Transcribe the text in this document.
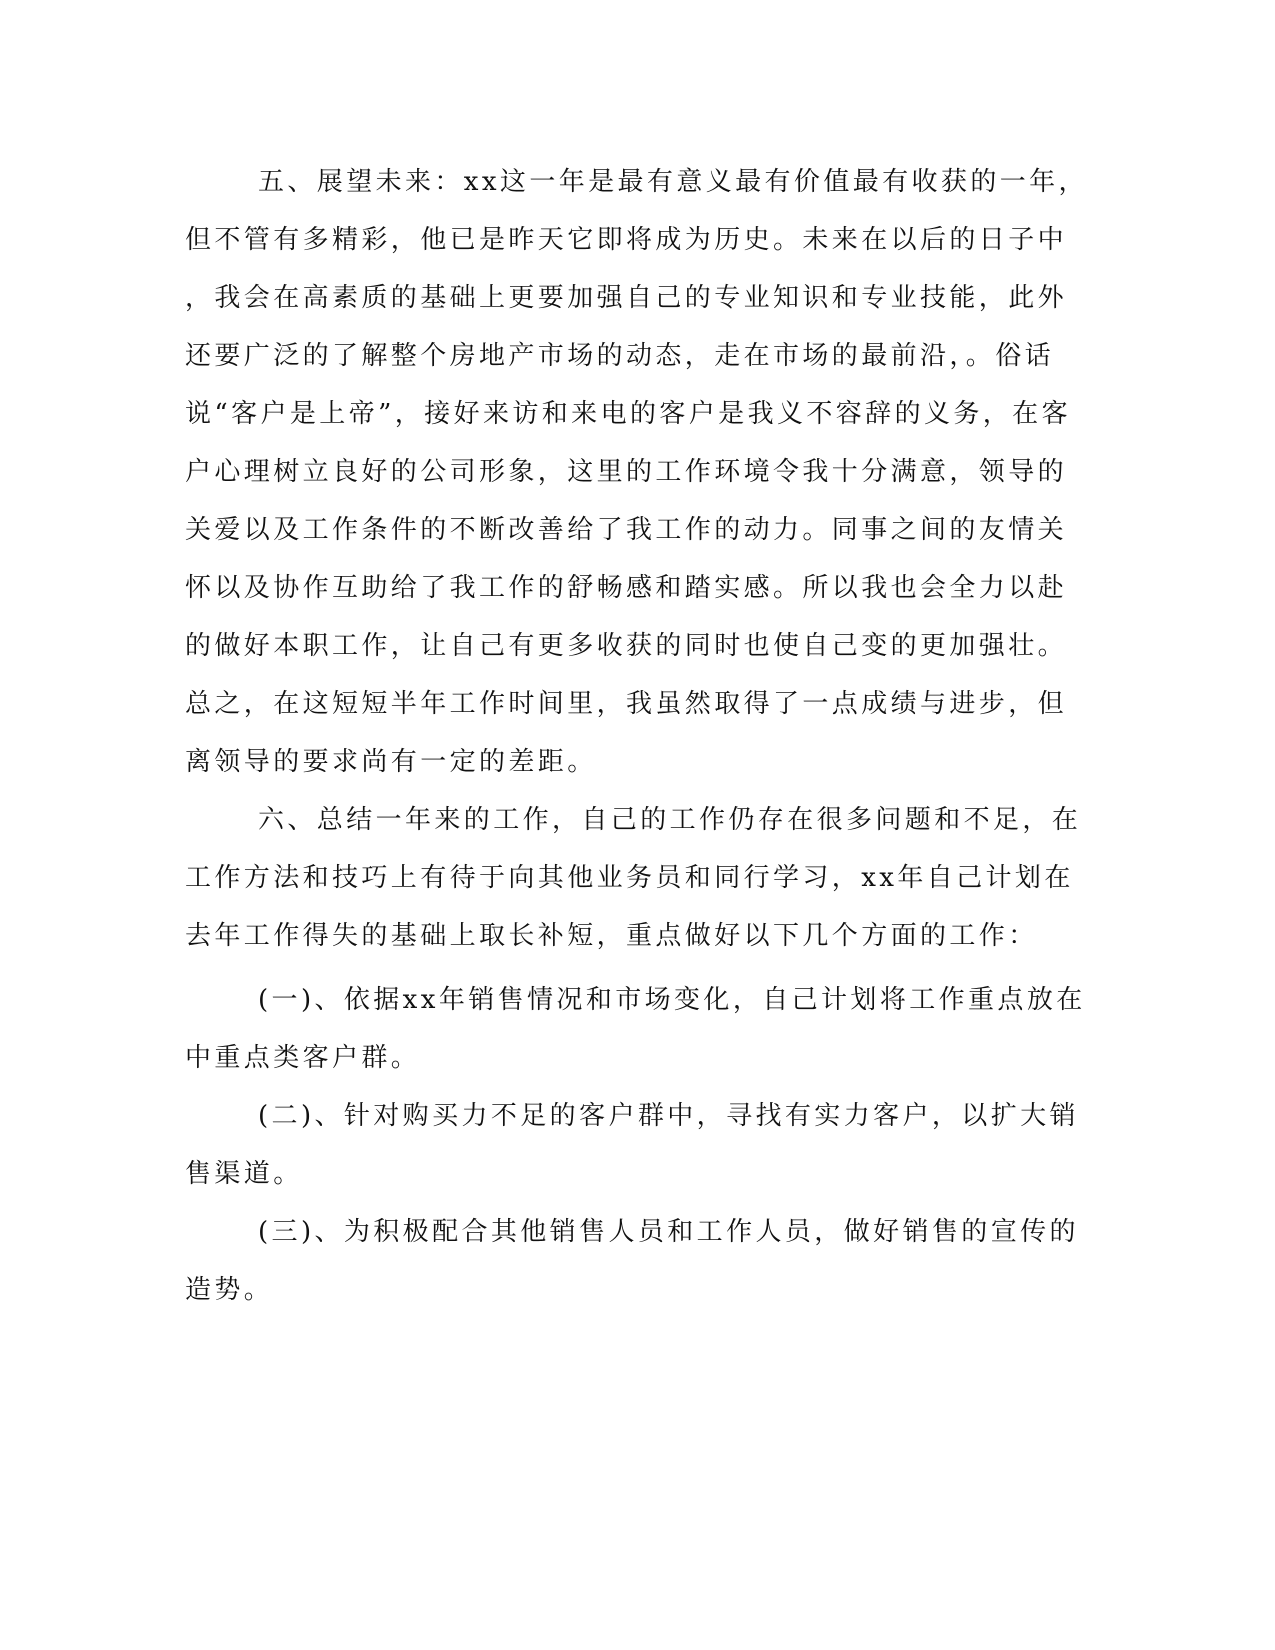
五、展望未来：xx这一年是最有意义最有价值最有收获的一年，
但不管有多精彩，他已是昨天它即将成为历史。未来在以后的日子中
，我会在高素质的基础上更要加强自己的专业知识和专业技能，此外
还要广泛的了解整个房地产市场的动态，走在市场的最前沿，。俗话
说“客户是上帝”，接好来访和来电的客户是我义不容辞的义务，在客
户心理树立良好的公司形象，这里的工作环境令我十分满意，领导的
关爱以及工作条件的不断改善给了我工作的动力。同事之间的友情关
怀以及协作互助给了我工作的舒畅感和踏实感。所以我也会全力以赴
的做好本职工作，让自己有更多收获的同时也使自己变的更加强壮。
总之，在这短短半年工作时间里，我虽然取得了一点成绩与进步，但
离领导的要求尚有一定的差距。
六、总结一年来的工作，自己的工作仍存在很多问题和不足，在
工作方法和技巧上有待于向其他业务员和同行学习，xx年自己计划在
去年工作得失的基础上取长补短，重点做好以下几个方面的工作：
(一)、依据xx年销售情况和市场变化，自己计划将工作重点放在
中重点类客户群。
(二)、针对购买力不足的客户群中，寻找有实力客户，以扩大销
售渠道。
(三)、为积极配合其他销售人员和工作人员，做好销售的宣传的
造势。
